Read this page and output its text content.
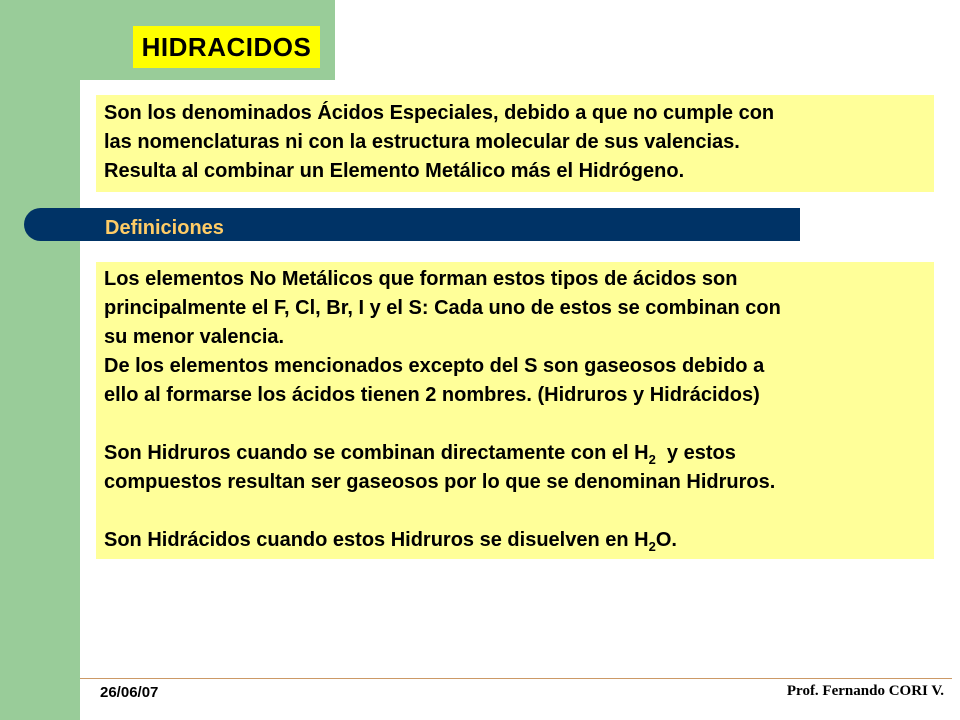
HIDRACIDOS
Son los denominados Ácidos Especiales, debido a que no cumple con
las nomenclaturas ni con la estructura molecular de sus valencias.
Resulta al combinar un Elemento Metálico más el Hidrógeno.
Definiciones

Los elementos No Metálicos que forman estos tipos de ácidos son

principalmente el F, Cl, Br, I y el S: Cada uno de estos se combinan con

su menor valencia.

De los elementos mencionados excepto del S son gaseosos debido a

ello al formarse los ácidos tienen 2 nombres. (Hidruros y Hidrácidos)

Son Hidruros cuando se combinan directamente con el $H_2$  y estos

compuestos resultan ser gaseosos por lo que se denominan Hidruros.

Son Hidrácidos cuando estos Hidruros se disuelven en $H_2O$.

26/06/07	Prof. Fernando CORI V.
